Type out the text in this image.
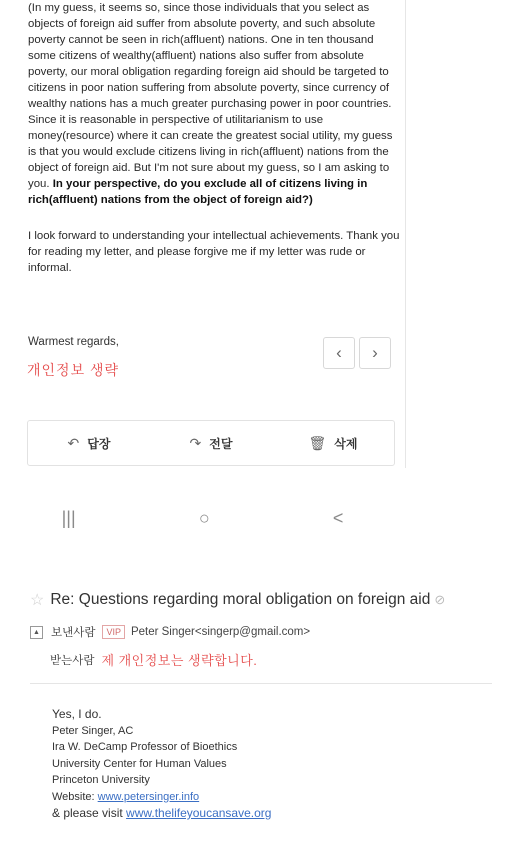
(In my guess, it seems so, since those individuals that you select as objects of foreign aid suffer from absolute poverty, and such absolute poverty cannot be seen in rich(affluent) nations. One in ten thousand some citizens of wealthy(affluent) nations also suffer from absolute poverty, our moral obligation regarding foreign aid should be targeted to citizens in poor nation suffering from absolute poverty, since currency of wealthy nations has a much greater purchasing power in poor countries. Since it is reasonable in perspective of utilitarianism to use money(resource) where it can create the greatest social utility, my guess is that you would exclude citizens living in rich(affluent) nations from the object of foreign aid. But I'm not sure about my guess, so I am asking to you. In your perspective, do you exclude all of citizens living in rich(affluent) nations from the object of foreign aid?)

I look forward to understanding your intellectual achievements. Thank you for reading my letter, and please forgive me if my letter was rude or informal.

Warmest regards,
개인정보 생략
‹ ›
↶ 답장	↷ 전달	🗑 삭제
|||	○	<
☆ Re: Questions regarding moral obligation on foreign aid ⊘
▲ 보낸사람	VIP Peter Singer<singerp@gmail.com>
받는사람 제 개인정보는 생략합니다.
Yes, I do.
Peter Singer, AC
Ira W. DeCamp Professor of Bioethics
University Center for Human Values
Princeton University
Website: www.petersinger.info
& please visit www.thelifeyoucansave.org
